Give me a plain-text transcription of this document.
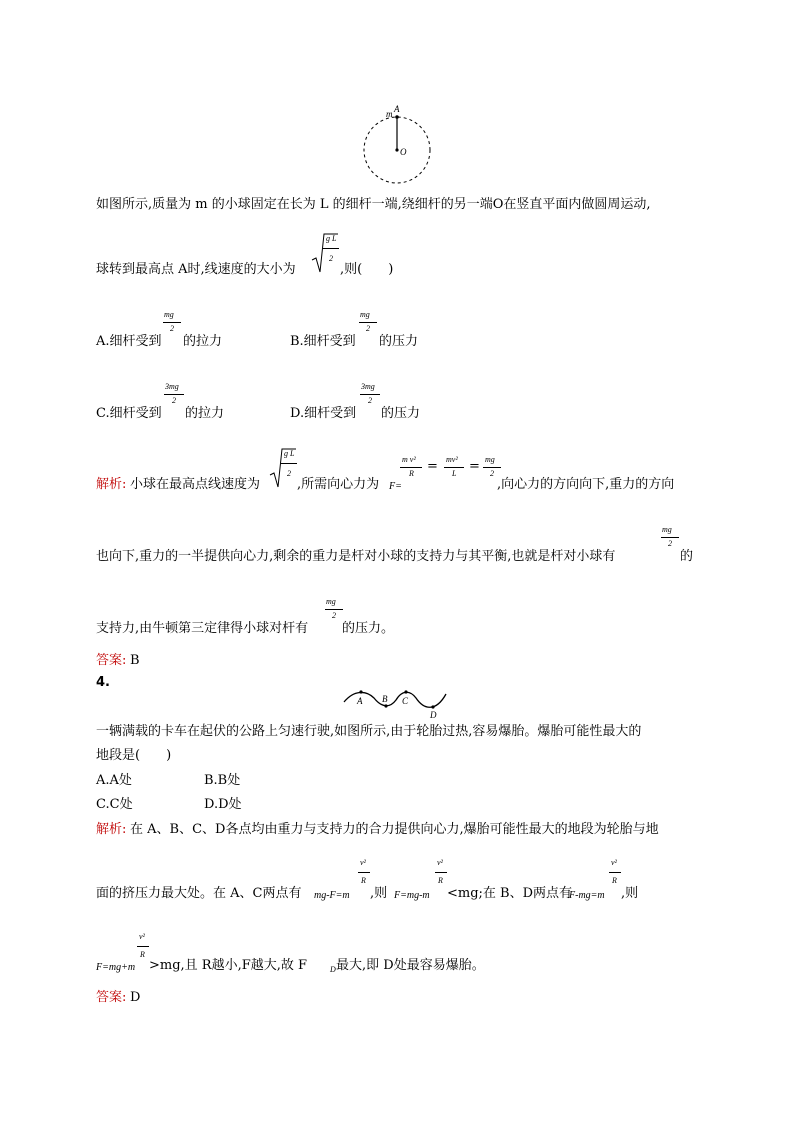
m A
O
如图所示,质量为 m 的小球固定在长为 L 的细杆一端,绕细杆的另一端O在竖直平面内做圆周运动,
球转到最高点 A时,线速度的大小为
g L
2
,则(　　)
A.细杆受到
mg
2
的拉力	B.细杆受到
mg
2
的压力
C.细杆受到
3mg
2
的拉力	D.细杆受到
3mg
2
的压力
解析: 小球在最高点线速度为
g L
2
,所需向心力为 F=
m v²
R = mv²
L = mg
2
,向心力的方向向下,重力的方向
也向下,重力的一半提供向心力,剩余的重力是杆对小球的支持力与其平衡,也就是杆对小球有
mg
2
的
支持力,由牛顿第三定律得小球对杆有
mg
2
的压力。
答案: B
4.
A B C
D
一辆满载的卡车在起伏的公路上匀速行驶,如图所示,由于轮胎过热,容易爆胎。爆胎可能性最大的
地段是(　　)
A.A处	B.B处
C.C处	D.D处
解析: 在 A、B、C、D各点均由重力与支持力的合力提供向心力,爆胎可能性最大的地段为轮胎与地
面的挤压力最大处。在 A、C两点有 mg-F=m
v²
R
,则 F=mg-m
v²
R
<mg;在 B、D两点有
F-mg=m
v²
R
,则
F=mg+m
v²
R
>mg,且 R越小,F越大,故 F	D 最大,即 D处最容易爆胎。
答案: D
